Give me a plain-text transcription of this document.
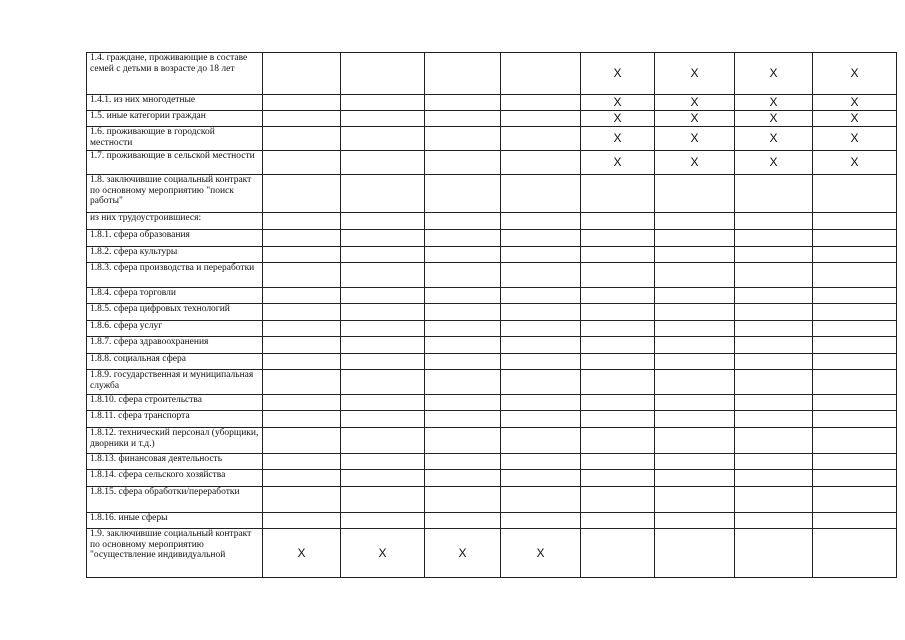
1.4. граждане, проживающие в составе семей с детьми в возрасте до 18 лет					X	X	X	X
1.4.1. из них многодетные					X	X	X	X
1.5. иные категории граждан					X	X	X	X
1.6. проживающие в городской местности					X	X	X	X
1.7. проживающие в сельской местности					X	X	X	X
1.8. заключившие социальный контракт по основному мероприятию "поиск работы"								
из них трудоустроившиеся:								
1.8.1. сфера образования								
1.8.2. сфера культуры								
1.8.3. сфера производства и переработки								
1.8.4. сфера торговли								
1.8.5. сфера цифровых технологий								
1.8.6. сфера услуг								
1.8.7. сфера здравоохранения								
1.8.8. социальная сфера								
1.8.9. государственная и муниципальная служба								
1.8.10. сфера строительства								
1.8.11. сфера транспорта								
1.8.12. технический персонал (уборщики, дворники и т.д.)								
1.8.13. финансовая деятельность								
1.8.14. сфера сельского хозяйства								
1.8.15. сфера обработки/переработки								
1.8.16. иные сферы								
1.9. заключившие социальный контракт по основному мероприятию "осуществление индивидуальной	X	X	X	X				
